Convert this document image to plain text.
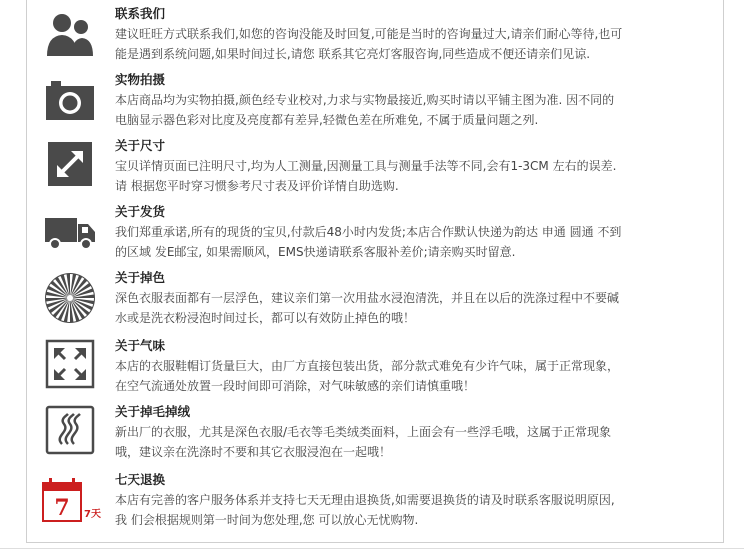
联系我们
建议旺旺方式联系我们,如您的咨询没能及时回复,可能是当时的咨询量过大,请亲们耐心等待,也可
能是遇到系统问题,如果时间过长,请您 联系其它亮灯客服咨询,同些造成不便还请亲们见谅.
实物拍摄
本店商品均为实物拍摄,颜色经专业校对,力求与实物最接近,购买时请以平铺主图为准. 因不同的
电脑显示器色彩对比度及亮度都有差异,轻微色差在所难免, 不属于质量问题之列.
关于尺寸
宝贝详情页面已注明尺寸,均为人工测量,因测量工具与测量手法等不同,会有1-3CM 左右的误差.
请 根据您平时穿习惯参考尺寸表及评价详情自助选购.
关于发货
我们郑重承诺,所有的现货的宝贝,付款后48小时内发货;本店合作默认快递为韵达 申通 圆通 不到
的区域 发E邮宝, 如果需顺风，EMS快递请联系客服补差价;请亲购买时留意.
关于掉色
深色衣服表面都有一层浮色，建议亲们第一次用盐水浸泡清洗，并且在以后的洗涤过程中不要碱
水或是洗衣粉浸泡时间过长，都可以有效防止掉色的哦！
关于气味
本店的衣服鞋帽订货量巨大，由厂方直接包装出货，部分款式难免有少许气味，属于正常现象，
在空气流通处放置一段时间即可消除，对气味敏感的亲们请慎重哦！
关于掉毛掉绒
新出厂的衣服，尤其是深色衣服/毛衣等毛类绒类面料，上面会有一些浮毛哦，这属于正常现象
哦，建议亲在洗涤时不要和其它衣服浸泡在一起哦！
7 7天
七天退换
本店有完善的客户服务体系并支持七天无理由退换货,如需要退换货的请及时联系客服说明原因,
我 们会根据规则第一时间为您处理,您 可以放心无忧购物.
